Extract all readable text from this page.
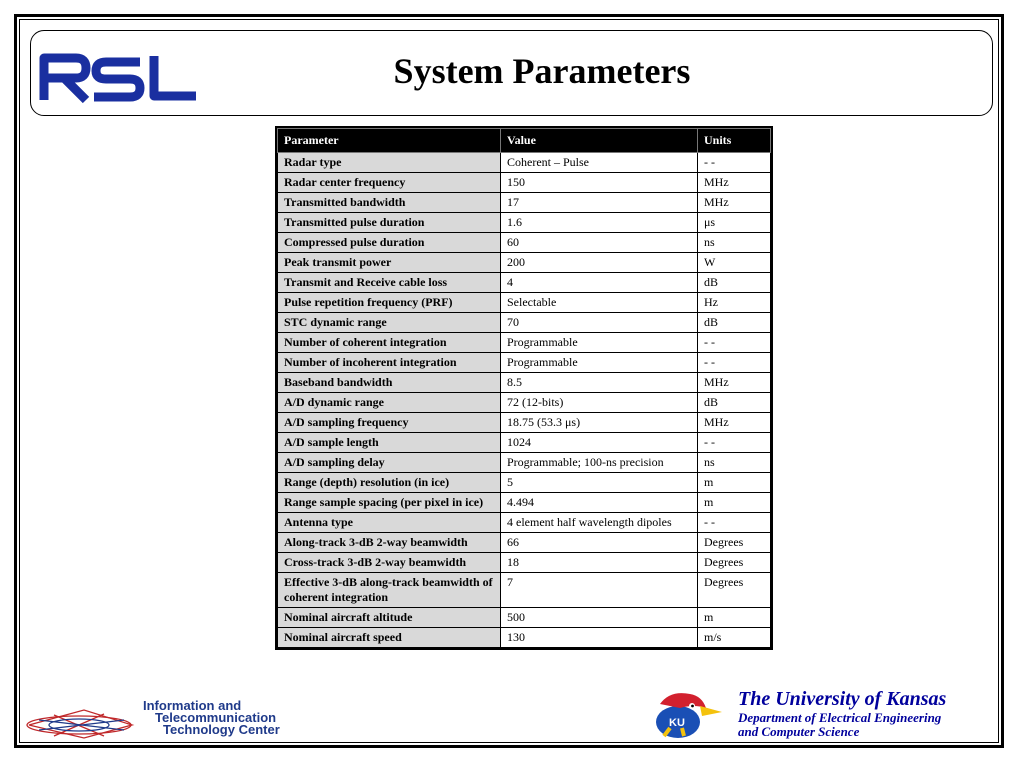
RSL
System Parameters
Parameter	Value	Units
Radar type	Coherent – Pulse	- -
Radar center frequency	150	MHz
Transmitted bandwidth	17	MHz
Transmitted pulse duration	1.6	μs
Compressed pulse duration	60	ns
Peak transmit power	200	W
Transmit and Receive cable loss	4	dB
Pulse repetition frequency (PRF)	Selectable	Hz
STC dynamic range	70	dB
Number of coherent integration	Programmable	- -
Number of incoherent integration	Programmable	- -
Baseband bandwidth	8.5	MHz
A/D dynamic range	72 (12-bits)	dB
A/D sampling frequency	18.75 (53.3 μs)	MHz
A/D sample length	1024	- -
A/D sampling delay	Programmable; 100-ns precision	ns
Range (depth) resolution (in ice)	5	m
Range sample spacing (per pixel in ice)	4.494	m
Antenna type	4 element half wavelength dipoles	- -
Along-track 3-dB 2-way beamwidth	66	Degrees
Cross-track 3-dB 2-way beamwidth	18	Degrees
Effective 3-dB along-track beamwidth of coherent integration	7	Degrees
Nominal aircraft altitude	500	m
Nominal aircraft speed	130	m/s
Information and
Telecommunication
Technology Center	KU
The University of Kansas
Department of Electrical Engineering
and Computer Science
